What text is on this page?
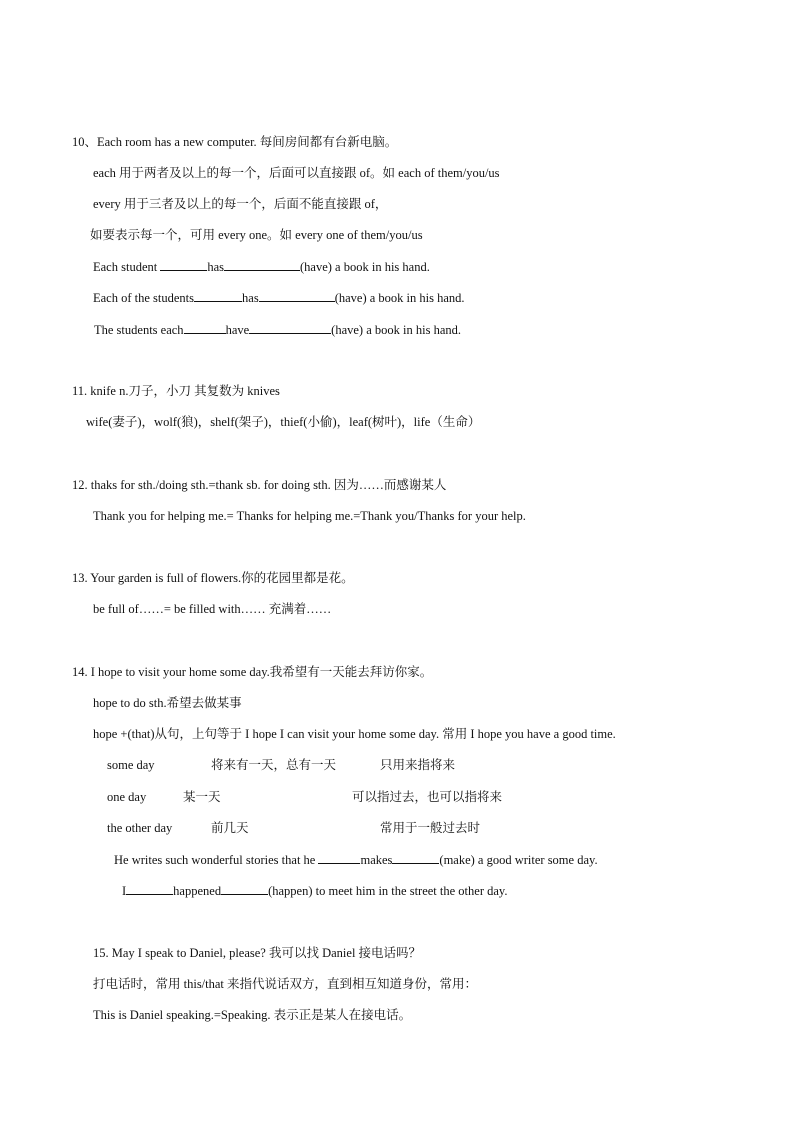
10、Each room has a new computer. 每间房间都有台新电脑。
each 用于两者及以上的每一个，后面可以直接跟 of。如 each of them/you/us
every 用于三者及以上的每一个，后面不能直接跟 of，
如要表示每一个，可用 every one。如 every one of them/you/us
Each student	has	(have) a book in his hand.
Each of the students	has	(have) a book in his hand.
The students each	have	(have) a book in his hand.
11. knife n.刀子，小刀 其复数为 knives
wife(妻子)，wolf(狼)，shelf(架子)，thief(小偷)，leaf(树叶)，life（生命）
12. thaks for sth./doing sth.=thank sb. for doing sth. 因为……而感谢某人
Thank you for helping me.= Thanks for helping me.=Thank you/Thanks for your help.
13. Your garden is full of flowers.你的花园里都是花。
be full of……= be filled with…… 充满着……
14. I hope to visit your home some day.我希望有一天能去拜访你家。
hope to do sth.希望去做某事
hope +(that)从句，上句等于 I hope I can visit your home some day. 常用 I hope you have a good time.
some day	将来有一天，总有一天	只用来指将来
one day	某一天	可以指过去，也可以指将来
the other day	前几天	常用于一般过去时
He writes such wonderful stories that he	makes	(make) a good writer some day.
I	happened	(happen) to meet him in the street the other day.
15. May I speak to Daniel, please? 我可以找 Daniel 接电话吗？
打电话时，常用 this/that 来指代说话双方，直到相互知道身份，常用：
This is Daniel speaking.=Speaking. 表示正是某人在接电话。
